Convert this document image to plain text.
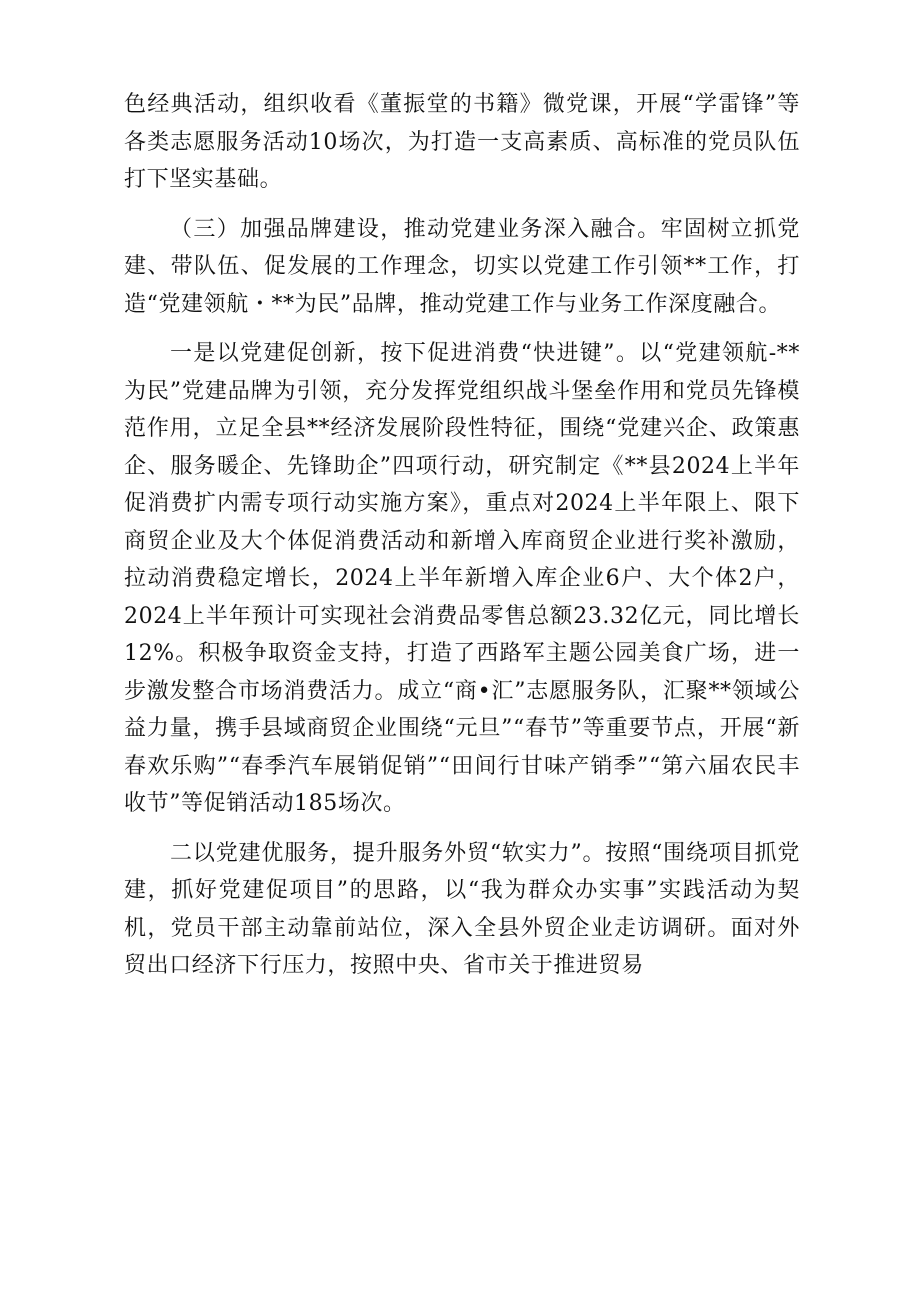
色经典活动，组织收看《董振堂的书籍》微党课，开展“学雷锋”等各类志愿服务活动10场次，为打造一支高素质、高标准的党员队伍打下坚实基础。

（三）加强品牌建设，推动党建业务深入融合。牢固树立抓党建、带队伍、促发展的工作理念，切实以党建工作引领**工作，打造“党建领航・**为民”品牌，推动党建工作与业务工作深度融合。

一是以党建促创新，按下促进消费“快进键”。以“党建领航-**为民”党建品牌为引领，充分发挥党组织战斗堡垒作用和党员先锋模范作用，立足全县**经济发展阶段性特征，围绕“党建兴企、政策惠企、服务暖企、先锋助企”四项行动，研究制定《**县2024上半年促消费扩内需专项行动实施方案》，重点对2024上半年限上、限下商贸企业及大个体促消费活动和新增入库商贸企业进行奖补激励，拉动消费稳定增长，2024上半年新增入库企业6户、大个体2户，2024上半年预计可实现社会消费品零售总额23.32亿元，同比增长12%。积极争取资金支持，打造了西路军主题公园美食广场，进一步激发整合市场消费活力。成立“商•汇”志愿服务队，汇聚**领域公益力量，携手县域商贸企业围绕“元旦”“春节”等重要节点，开展“新春欢乐购”“春季汽车展销促销”“田间行甘味产销季”“第六届农民丰收节”等促销活动185场次。

二以党建优服务，提升服务外贸“软实力”。按照“围绕项目抓党建，抓好党建促项目”的思路，以“我为群众办实事”实践活动为契机，党员干部主动靠前站位，深入全县外贸企业走访调研。面对外贸出口经济下行压力，按照中央、省市关于推进贸易
